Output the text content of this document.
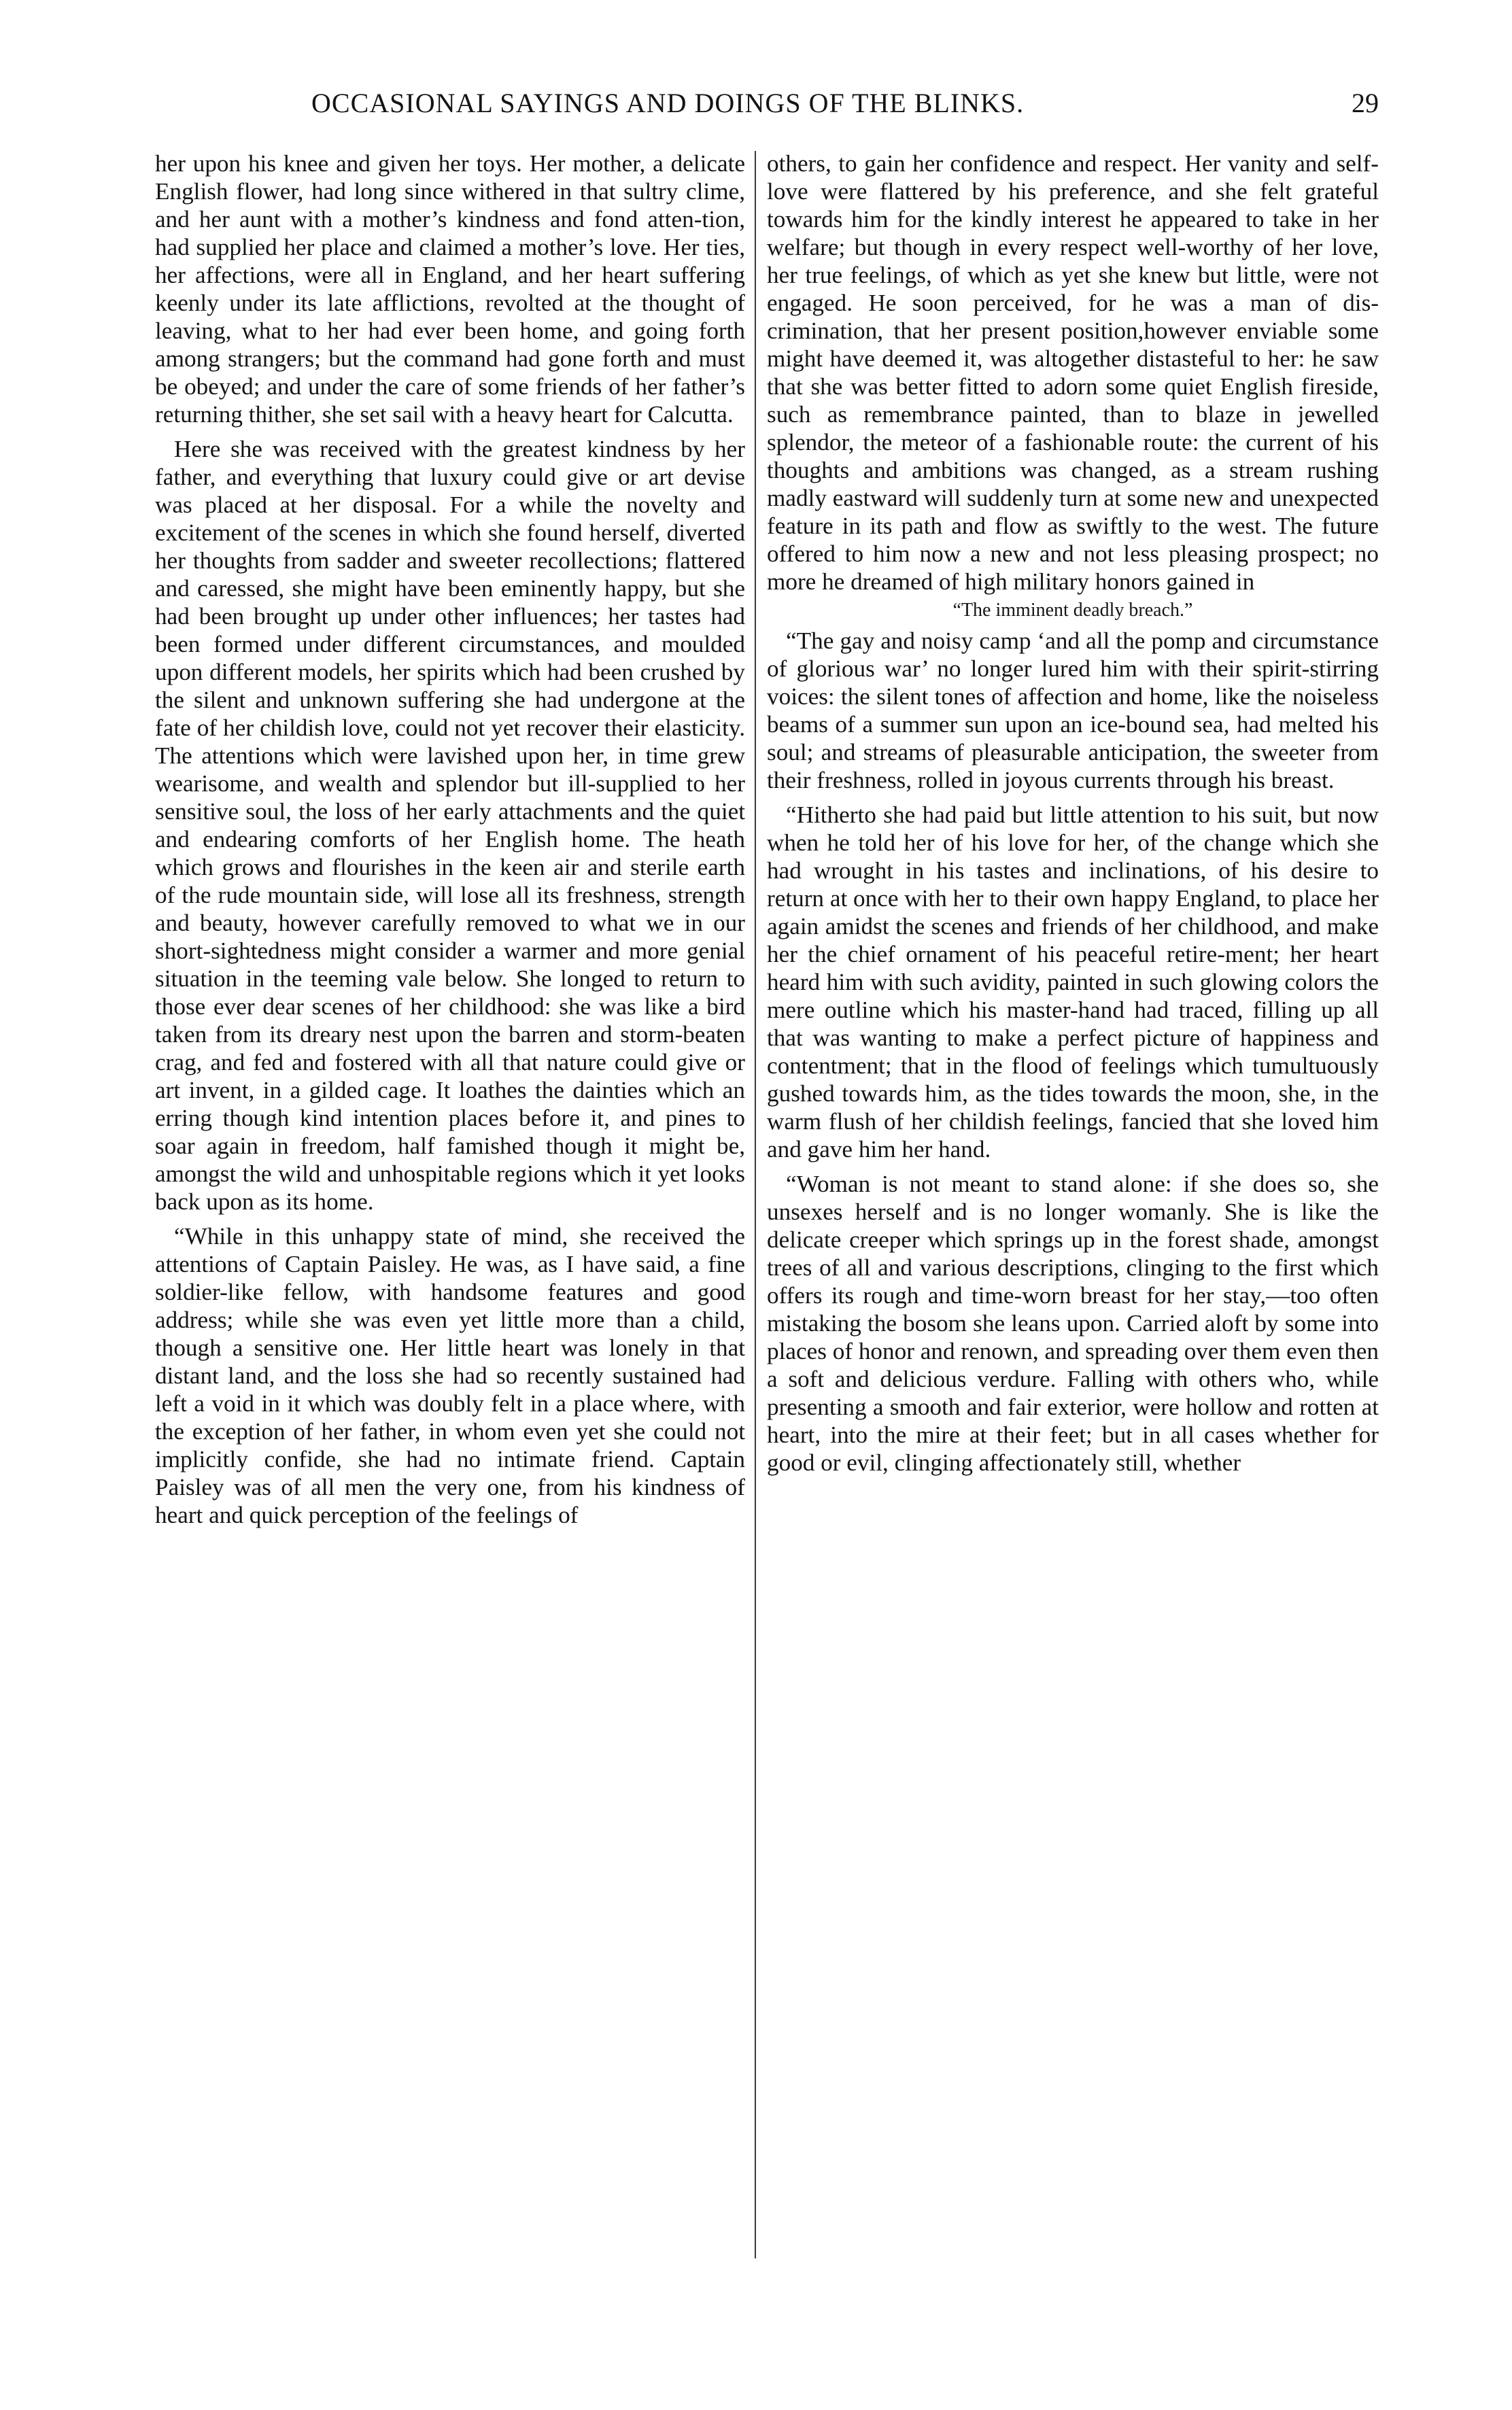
OCCASIONAL SAYINGS AND DOINGS OF THE BLINKS.	29

her upon his knee and given her toys. Her mother, a delicate English flower, had long since withered in that sultry clime, and her aunt with a mother’s kindness and fond atten-tion, had supplied her place and claimed a mother’s love. Her ties, her affections, were all in England, and her heart suffering keenly under its late afflictions, revolted at the thought of leaving, what to her had ever been home, and going forth among strangers; but the command had gone forth and must be obeyed; and under the care of some friends of her father’s returning thither, she set sail with a heavy heart for Calcutta.

Here she was received with the greatest kindness by her father, and everything that luxury could give or art devise was placed at her disposal. For a while the novelty and excitement of the scenes in which she found herself, diverted her thoughts from sadder and sweeter recollections; flattered and caressed, she might have been eminently happy, but she had been brought up under other influences; her tastes had been formed under different circumstances, and moulded upon different models, her spirits which had been crushed by the silent and unknown suffering she had undergone at the fate of her childish love, could not yet recover their elasticity. The attentions which were lavished upon her, in time grew wearisome, and wealth and splendor but ill-supplied to her sensitive soul, the loss of her early attachments and the quiet and endearing comforts of her English home. The heath which grows and flourishes in the keen air and sterile earth of the rude mountain side, will lose all its freshness, strength and beauty, however carefully removed to what we in our short-sightedness might consider a warmer and more genial situation in the teeming vale below. She longed to return to those ever dear scenes of her childhood: she was like a bird taken from its dreary nest upon the barren and storm-beaten crag, and fed and fostered with all that nature could give or art invent, in a gilded cage. It loathes the dainties which an erring though kind intention places before it, and pines to soar again in freedom, half famished though it might be, amongst the wild and unhospitable regions which it yet looks back upon as its home.

“While in this unhappy state of mind, she received the attentions of Captain Paisley. He was, as I have said, a fine soldier-like fellow, with handsome features and good address; while she was even yet little more than a child, though a sensitive one. Her little heart was lonely in that distant land, and the loss she had so recently sustained had left a void in it which was doubly felt in a place where, with the exception of her father, in whom even yet she could not implicitly confide, she had no intimate friend. Captain Paisley was of all men the very one, from his kindness of heart and quick perception of the feelings of

others, to gain her confidence and respect. Her vanity and self-love were flattered by his preference, and she felt grateful towards him for the kindly interest he appeared to take in her welfare; but though in every respect well-worthy of her love, her true feelings, of which as yet she knew but little, were not engaged. He soon perceived, for he was a man of dis-crimination, that her present position,however enviable some might have deemed it, was altogether distasteful to her: he saw that she was better fitted to adorn some quiet English fireside, such as remembrance painted, than to blaze in jewelled splendor, the meteor of a fashionable route: the current of his thoughts and ambitions was changed, as a stream rushing madly eastward will suddenly turn at some new and unexpected feature in its path and flow as swiftly to the west. The future offered to him now a new and not less pleasing prospect; no more he dreamed of high military honors gained in

“The imminent deadly breach.”

“The gay and noisy camp ‘and all the pomp and circumstance of glorious war’ no longer lured him with their spirit-stirring voices: the silent tones of affection and home, like the noiseless beams of a summer sun upon an ice-bound sea, had melted his soul; and streams of pleasurable anticipation, the sweeter from their freshness, rolled in joyous currents through his breast.

“Hitherto she had paid but little attention to his suit, but now when he told her of his love for her, of the change which she had wrought in his tastes and inclinations, of his desire to return at once with her to their own happy England, to place her again amidst the scenes and friends of her childhood, and make her the chief ornament of his peaceful retire-ment; her heart heard him with such avidity, painted in such glowing colors the mere outline which his master-hand had traced, filling up all that was wanting to make a perfect picture of happiness and contentment; that in the flood of feelings which tumultuously gushed towards him, as the tides towards the moon, she, in the warm flush of her childish feelings, fancied that she loved him and gave him her hand.

“Woman is not meant to stand alone: if she does so, she unsexes herself and is no longer womanly. She is like the delicate creeper which springs up in the forest shade, amongst trees of all and various descriptions, clinging to the first which offers its rough and time-worn breast for her stay,—too often mistaking the bosom she leans upon. Carried aloft by some into places of honor and renown, and spreading over them even then a soft and delicious verdure. Falling with others who, while presenting a smooth and fair exterior, were hollow and rotten at heart, into the mire at their feet; but in all cases whether for good or evil, clinging affectionately still, whether
